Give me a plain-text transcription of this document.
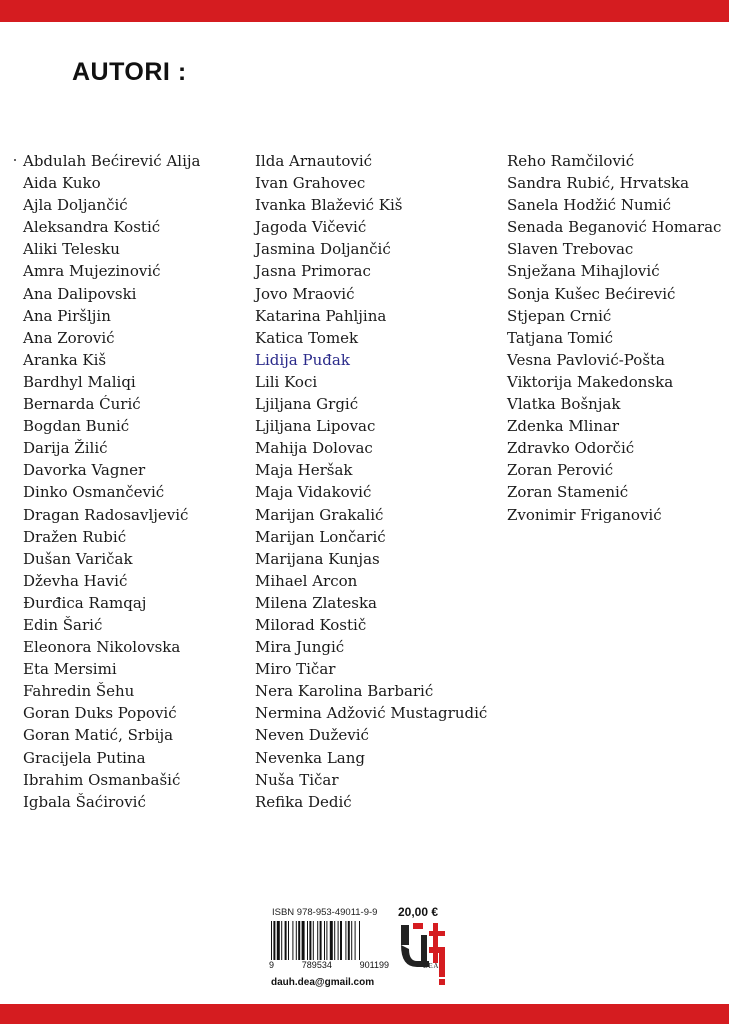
AUTORI :
Abdulah Bećirević Alija
Aida Kuko
Ajla Doljančić
Aleksandra Kostić
Aliki Telesku
Amra Mujezinović
Ana Dalipovski
Ana Piršljin
Ana Zorović
Aranka Kiš
Bardhyl Maliqi
Bernarda Ćurić
Bogdan Bunić
Darija Žilić
Davorka Vagner
Dinko Osmančević
Dragan Radosavljević
Dražen Rubić
Dušan Varičak
Dževha Havić
Đurđica Ramqaj
Edin Šarić
Eleonora Nikolovska
Eta Mersimi
Fahredin Šehu
Goran Duks Popović
Goran Matić, Srbija
Gracijela Putina
Ibrahim Osmanbašić
Igbala Šaćirović
Ilda Arnautović
Ivan Grahovec
Ivanka Blažević Kiš
Jagoda Vičević
Jasmina Doljančić
Jasna Primorac
Jovo Mraović
Katarina Pahljina
Katica Tomek
Lidija Puđak
Lili Koci
Ljiljana Grgić
Ljiljana Lipovac
Mahija Dolovac
Maja Heršak
Maja Vidaković
Marijan Grakalić
Marijan Lončarić
Marijana Kunjas
Mihael Arcon
Milena Zlateska
Milorad Kostič
Mira Jungić
Miro Tičar
Nera Karolina Barbarić
Nermina Adžović Mustagrudić
Neven Dužević
Nevenka Lang
Nuša Tičar
Refika Dedić
Reho Ramčilović
Sandra Rubić, Hrvatska
Sanela Hodžić Numić
Senada Beganović Homarac
Slaven Trebovac
Snježana Mihajlović
Sonja Kušec Bećirević
Stjepan Crnić
Tatjana Tomić
Vesna Pavlović-Pošta
Viktorija Makedonska
Vlatka Bošnjak
Zdenka Mlinar
Zdravko Odorčić
Zoran Perović
Zoran Stamenić
Zvonimir Friganović
ISBN 978-953-49011-9-9 20,00 €
9	789534	901199
dauh.dea@gmail.com
DEA
